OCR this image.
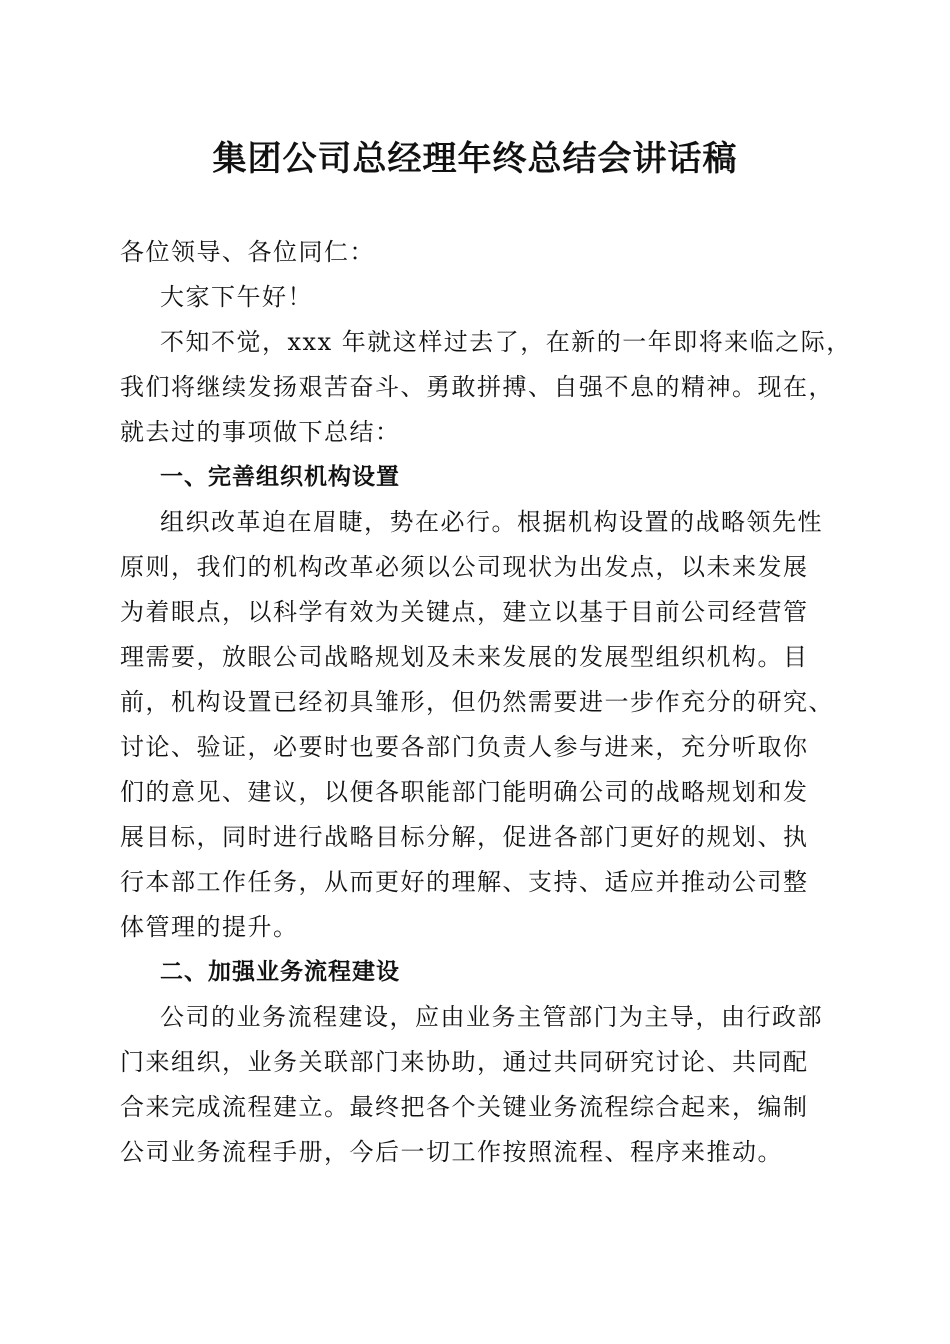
集团公司总经理年终总结会讲话稿

各位领导、各位同仁：

大家下午好！

不知不觉，xxx 年就这样过去了，在新的一年即将来临之际，

我们将继续发扬艰苦奋斗、勇敢拼搏、自强不息的精神。现在，

就去过的事项做下总结：

一、完善组织机构设置

组织改革迫在眉睫，势在必行。根据机构设置的战略领先性

原则，我们的机构改革必须以公司现状为出发点，以未来发展

为着眼点，以科学有效为关键点，建立以基于目前公司经营管

理需要，放眼公司战略规划及未来发展的发展型组织机构。目

前，机构设置已经初具雏形，但仍然需要进一步作充分的研究、

讨论、验证，必要时也要各部门负责人参与进来，充分听取你

们的意见、建议，以便各职能部门能明确公司的战略规划和发

展目标，同时进行战略目标分解，促进各部门更好的规划、执

行本部工作任务，从而更好的理解、支持、适应并推动公司整

体管理的提升。

二、加强业务流程建设

公司的业务流程建设，应由业务主管部门为主导，由行政部

门来组织，业务关联部门来协助，通过共同研究讨论、共同配

合来完成流程建立。最终把各个关键业务流程综合起来，编制

公司业务流程手册，今后一切工作按照流程、程序来推动。
